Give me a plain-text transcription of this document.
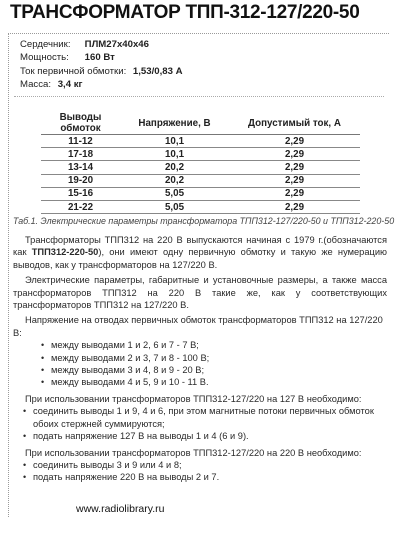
ТРАНСФОРМАТОР ТПП-312-127/220-50
Сердечник: ПЛМ27х40х46
Мощность: 160 Вт
Ток первичной обмотки: 1,53/0,83 А
Масса: 3,4 кг
Выводы обмоток	Напряжение, В	Допустимый ток, А
11-12	10,1	2,29
17-18	10,1	2,29
13-14	20,2	2,29
19-20	20,2	2,29
15-16	5,05	2,29
21-22	5,05	2,29
Таб.1. Электрические параметры трансформатора ТПП312-127/220-50 и ТПП312-220-50

Трансформаторы ТПП312 на 220 В выпускаются начиная с 1979 г.(обозначаются как ТПП312-220-50), они имеют одну первичную обмотку и такую же нумерацию выводов, как у трансформаторов на 127/220 В.

Электрические параметры, габаритные и установочные размеры, а также масса трансформаторов ТПП312 на 220 В такие же, как у соответствующих трансформаторов ТПП312 на 127/220 В.

Напряжение на отводах первичных обмоток трансформаторов ТПП312 на 127/220 В:
• между выводами 1 и 2, 6 и 7 - 7 В;
• между выводами 2 и 3, 7 и 8 - 100 В;
• между выводами 3 и 4, 8 и 9 - 20 В;
• между выводами 4 и 5, 9 и 10 - 11 В.
При использовании трансформаторов ТПП312-127/220 на 127 В необходимо:
• соединить выводы 1 и 9, 4 и 6, при этом магнитные потоки первичных обмоток обоих стержней суммируются;
• подать напряжение 127 В на выводы 1 и 4 (6 и 9).
При использовании трансформаторов ТПП312-127/220 на 220 В необходимо:
• соединить выводы 3 и 9 или 4 и 8;
• подать напряжение 220 В на выводы 2 и 7.
www.radiolibrary.ru
